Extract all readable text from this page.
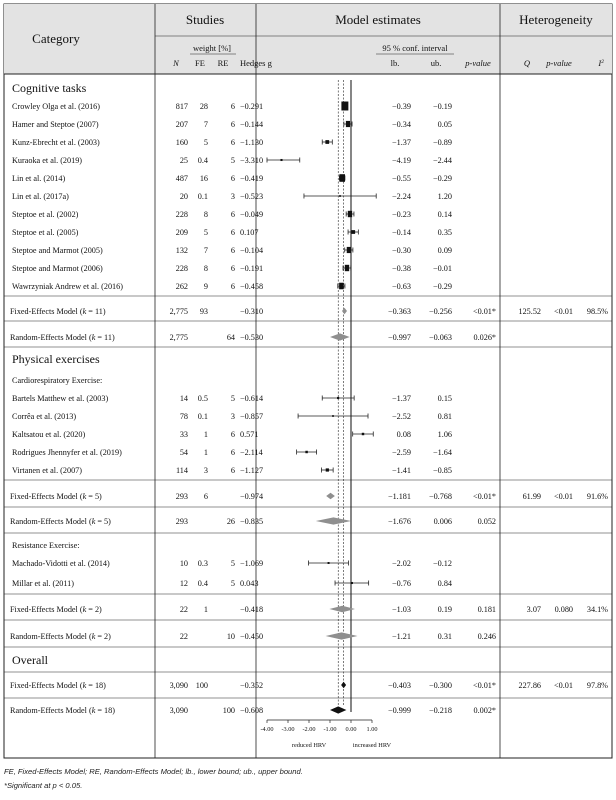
Category
Studies	Model estimates	Heterogeneity
weight [%]	95 % conf. interval
N FE RE Hedges g	lb.	ub.	p-value	Q p-value	$I^2$
Cognitive tasks
Crowley Olga et al. (2016)	817 28	6 −0.291	−0.39	−0.19
Hamer and Steptoe (2007)	207 7	6 −0.144	−0.34	0.05
Kunz-Ebrecht et al. (2003)	160 5	6 −1.130	−1.37	−0.89
Kuraoka et al. (2019)	25 0.4	5 −3.310	−4.19	−2.44
Lin et al. (2014)	487 16	6 −0.419	−0.55	−0.29
Lin et al. (2017a)	20 0.1	3 −0.523	−2.24	1.20
Steptoe et al. (2002)	228 8	6 −0.049	−0.23	0.14
Steptoe et al. (2005)	209 5	6 0.107	−0.14	0.35
Steptoe and Marmot (2005)	132 7	6 −0.104	−0.30	0.09
Steptoe and Marmot (2006)	228 8	6 −0.191	−0.38	−0.01
Wawrzyniak Andrew et al. (2016)	262 9	6 −0.458	−0.63	−0.29
Fixed-Effects Model (k = 11)	2,775 93	−0.310	−0.363 −0.256	<0.01*	125.52 <0.01 98.5%
Random-Effects Model (k = 11)	2,775	64 −0.530	−0.997 −0.063	0.026*
Physical exercises
Cardiorespiratory Exercise:
Bartels Matthew et al. (2003)	14 0.5	5 −0.614	−1.37	0.15
Corrêa et al. (2013)	78 0.1	3 −0.857	−2.52	0.81
Kaltsatou et al. (2020)	33 1	6 0.571	0.08	1.06
Rodrigues Jhennyfer et al. (2019)	54 1	6 −2.114	−2.59	−1.64
Virtanen et al. (2007)	114 3	6 −1.127	−1.41	−0.85
Fixed-Effects Model (k = 5)	293 6	−0.974	−1.181 −0.768	<0.01*	61.99 <0.01 91.6%
Random-Effects Model (k = 5)	293	26 −0.835	−1.676	0.006	0.052
Resistance Exercise:
Machado-Vidotti et al. (2014)	10 0.3	5 −1.069	−2.02	−0.12
Millar et al. (2011)	12 0.4	5 0.043	−0.76	0.84
Fixed-Effects Model (k = 2)	22 1	−0.418	−1.03	0.19	0.181	3.07 0.080 34.1%
Random-Effects Model (k = 2)	22	10 −0.450	−1.21	0.31	0.246
Overall
Fixed-Effects Model (k = 18)	3,090 100	−0.352	−0.403 −0.300	<0.01*	227.86 <0.01 97.8%
Random-Effects Model (k = 18)	3,090	100 −0.608	−0.999 −0.218	0.002*
-4.00 -3.00 -2.00 -1.00 0.00 1.00
reduced HRV	increased HRV
FE, Fixed-Effects Model; RE, Random-Effects Model; lb., lower bound; ub., upper bound.
*Significant at p < 0.05.
